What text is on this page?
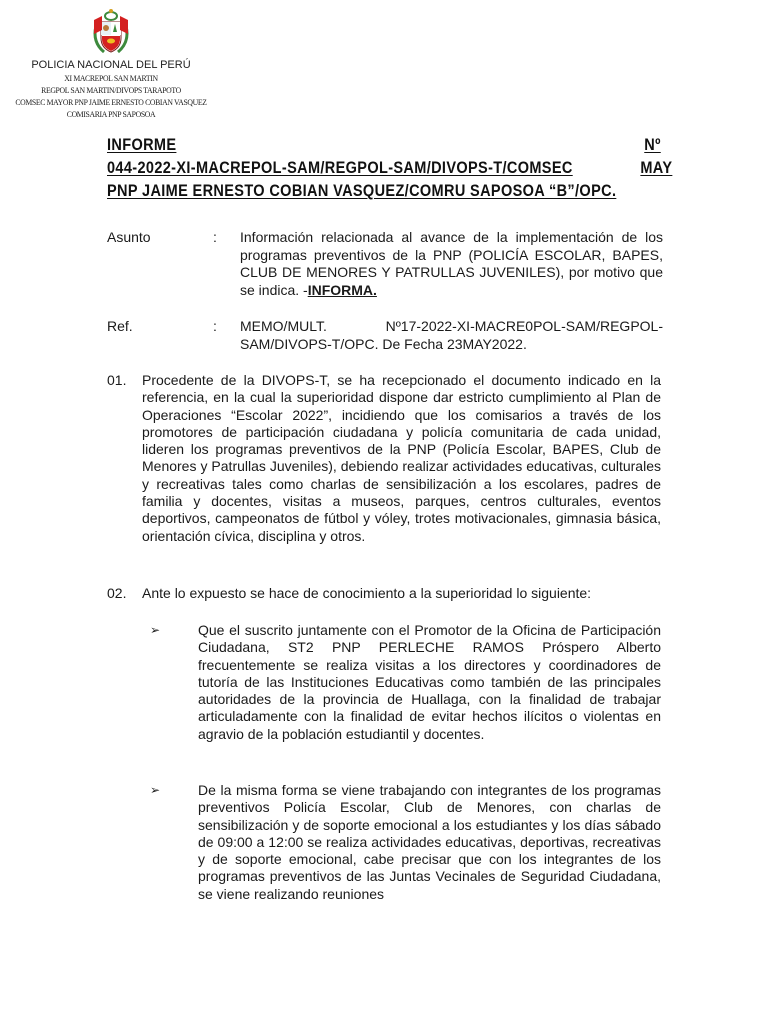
POLICIA NACIONAL DEL PERÚ
XI MACREPOL SAN MARTIN
REGPOL SAN MARTIN/DIVOPS TARAPOTO
COMSEC MAYOR PNP JAIME ERNESTO COBIAN VASQUEZ
COMISARIA PNP SAPOSOA
INFORME	Nº
044-2022-XI-MACREPOL-SAM/REGPOL-SAM/DIVOPS-T/COMSEC	MAY
PNP JAIME ERNESTO COBIAN VASQUEZ/COMRU SAPOSOA “B”/OPC.
Asunto	: Información relacionada al avance de la implementación de los programas preventivos de la PNP (POLICÍA ESCOLAR, BAPES, CLUB DE MENORES Y PATRULLAS JUVENILES), por motivo que se indica. -INFORMA.
Ref.	: MEMO/MULT.     Nº17-2022-XI-MACRE0POL-SAM/REGPOL-SAM/DIVOPS-T/OPC. De Fecha 23MAY2022.
01. Procedente de la DIVOPS-T, se ha recepcionado el documento indicado en la referencia, en la cual la superioridad dispone dar estricto cumplimiento al Plan de Operaciones “Escolar 2022”, incidiendo que los comisarios a través de los promotores de participación ciudadana y policía comunitaria de cada unidad, lideren los programas preventivos de la PNP (Policía Escolar, BAPES, Club de Menores y Patrullas Juveniles), debiendo realizar actividades educativas, culturales y recreativas tales como charlas de sensibilización a los escolares, padres de familia y docentes, visitas a museos, parques, centros culturales, eventos deportivos, campeonatos de fútbol y vóley, trotes motivacionales, gimnasia básica, orientación cívica, disciplina y otros.
02. Ante lo expuesto se hace de conocimiento a la superioridad lo siguiente:
➢	Que el suscrito juntamente con el Promotor de la Oficina de Participación Ciudadana, ST2 PNP PERLECHE RAMOS Próspero Alberto frecuentemente se realiza visitas a los directores y coordinadores de tutoría de las Instituciones Educativas como también de las principales autoridades de la provincia de Huallaga, con la finalidad de trabajar articuladamente con la finalidad de evitar hechos ilícitos o violentas en agravio de la población estudiantil y docentes.
➢	De la misma forma se viene trabajando con integrantes de los programas preventivos Policía Escolar, Club de Menores, con charlas de sensibilización y de soporte emocional a los estudiantes y los días sábado de 09:00 a 12:00 se realiza actividades educativas, deportivas, recreativas y de soporte emocional, cabe precisar que con los integrantes de los programas preventivos de las Juntas Vecinales de Seguridad Ciudadana, se viene realizando reuniones
